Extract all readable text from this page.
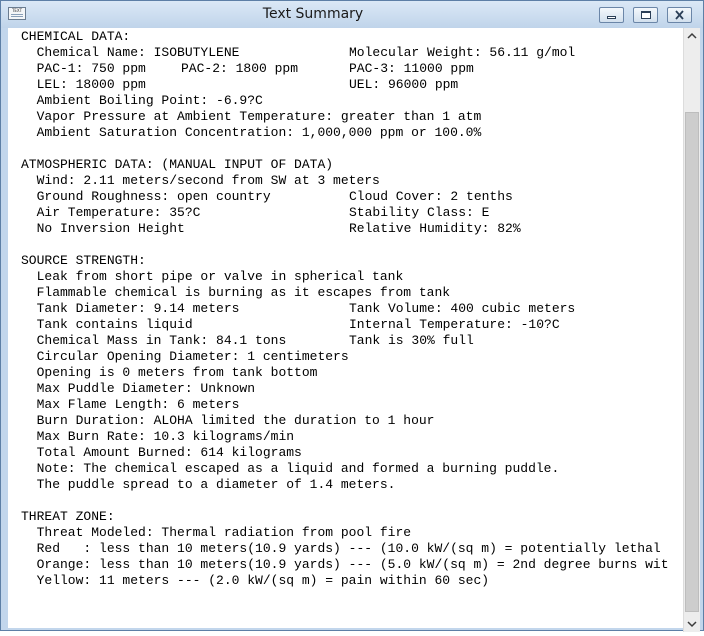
TEXT	Text Summary
CHEMICAL DATA:
Chemical Name: ISOBUTYLENE	Molecular Weight: 56.11 g/mol
PAC-1: 750 ppm	PAC-2: 1800 ppm	PAC-3: 11000 ppm
LEL: 18000 ppm	UEL: 96000 ppm
Ambient Boiling Point: -6.9?C
Vapor Pressure at Ambient Temperature: greater than 1 atm
Ambient Saturation Concentration: 1,000,000 ppm or 100.0%
ATMOSPHERIC DATA: (MANUAL INPUT OF DATA)
Wind: 2.11 meters/second from SW at 3 meters
Ground Roughness: open country	Cloud Cover: 2 tenths
Air Temperature: 35?C	Stability Class: E
No Inversion Height	Relative Humidity: 82%
SOURCE STRENGTH:
Leak from short pipe or valve in spherical tank
Flammable chemical is burning as it escapes from tank
Tank Diameter: 9.14 meters	Tank Volume: 400 cubic meters
Tank contains liquid	Internal Temperature: -10?C
Chemical Mass in Tank: 84.1 tons	Tank is 30% full
Circular Opening Diameter: 1 centimeters
Opening is 0 meters from tank bottom
Max Puddle Diameter: Unknown
Max Flame Length: 6 meters
Burn Duration: ALOHA limited the duration to 1 hour
Max Burn Rate: 10.3 kilograms/min
Total Amount Burned: 614 kilograms
Note: The chemical escaped as a liquid and formed a burning puddle.
The puddle spread to a diameter of 1.4 meters.
THREAT ZONE:
Threat Modeled: Thermal radiation from pool fire
Red   : less than 10 meters(10.9 yards) --- (10.0 kW/(sq m) = potentially lethal
Orange: less than 10 meters(10.9 yards) --- (5.0 kW/(sq m) = 2nd degree burns wit
Yellow: 11 meters --- (2.0 kW/(sq m) = pain within 60 sec)
